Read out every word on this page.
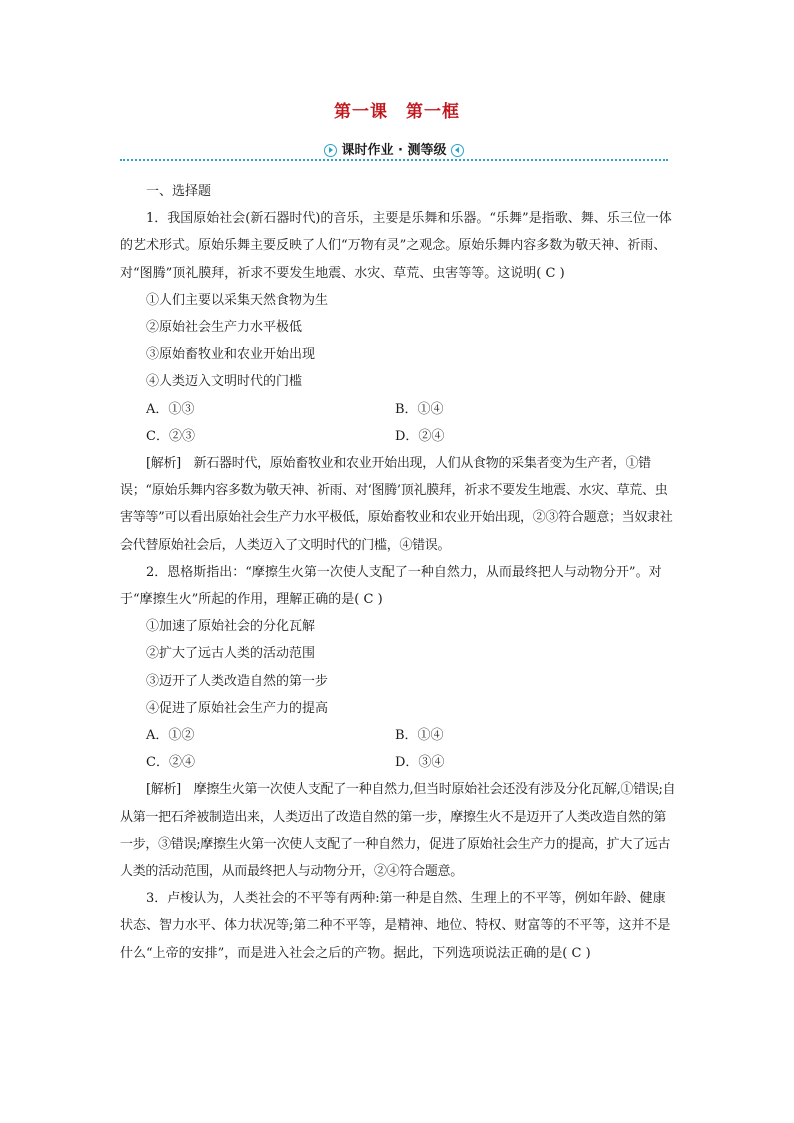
第一课　第一框
课时作业 · 测等级

一、选择题

1．我国原始社会(新石器时代)的音乐，主要是乐舞和乐器。“乐舞”是指歌、舞、乐三位一体的艺术形式。原始乐舞主要反映了人们“万物有灵”之观念。原始乐舞内容多数为敬天神、祈雨、对“图腾”顶礼膜拜，祈求不要发生地震、水灾、草荒、虫害等等。这说明( C )

①人们主要以采集天然食物为生

②原始社会生产力水平极低

③原始畜牧业和农业开始出现

④人类迈入文明时代的门槛

A．①③	B．①④
C．②③	D．②④

[解析]　新石器时代，原始畜牧业和农业开始出现，人们从食物的采集者变为生产者，①错误；“原始乐舞内容多数为敬天神、祈雨、对‘图腾’顶礼膜拜，祈求不要发生地震、水灾、草荒、虫害等等”可以看出原始社会生产力水平极低，原始畜牧业和农业开始出现，②③符合题意；当奴隶社会代替原始社会后，人类迈入了文明时代的门槛，④错误。

2．恩格斯指出：“摩擦生火第一次使人支配了一种自然力，从而最终把人与动物分开”。对于“摩擦生火”所起的作用，理解正确的是( C )

①加速了原始社会的分化瓦解

②扩大了远古人类的活动范围

③迈开了人类改造自然的第一步

④促进了原始社会生产力的提高

A．①②	B．①④
C．②④	D．③④

[解析]　摩擦生火第一次使人支配了一种自然力,但当时原始社会还没有涉及分化瓦解,①错误;自从第一把石斧被制造出来，人类迈出了改造自然的第一步，摩擦生火不是迈开了人类改造自然的第一步，③错误;摩擦生火第一次使人支配了一种自然力，促进了原始社会生产力的提高，扩大了远古人类的活动范围，从而最终把人与动物分开，②④符合题意。

3．卢梭认为，人类社会的不平等有两种:第一种是自然、生理上的不平等，例如年龄、健康状态、智力水平、体力状况等;第二种不平等，是精神、地位、特权、财富等的不平等，这并不是什么“上帝的安排”，而是进入社会之后的产物。据此，下列选项说法正确的是( C )
